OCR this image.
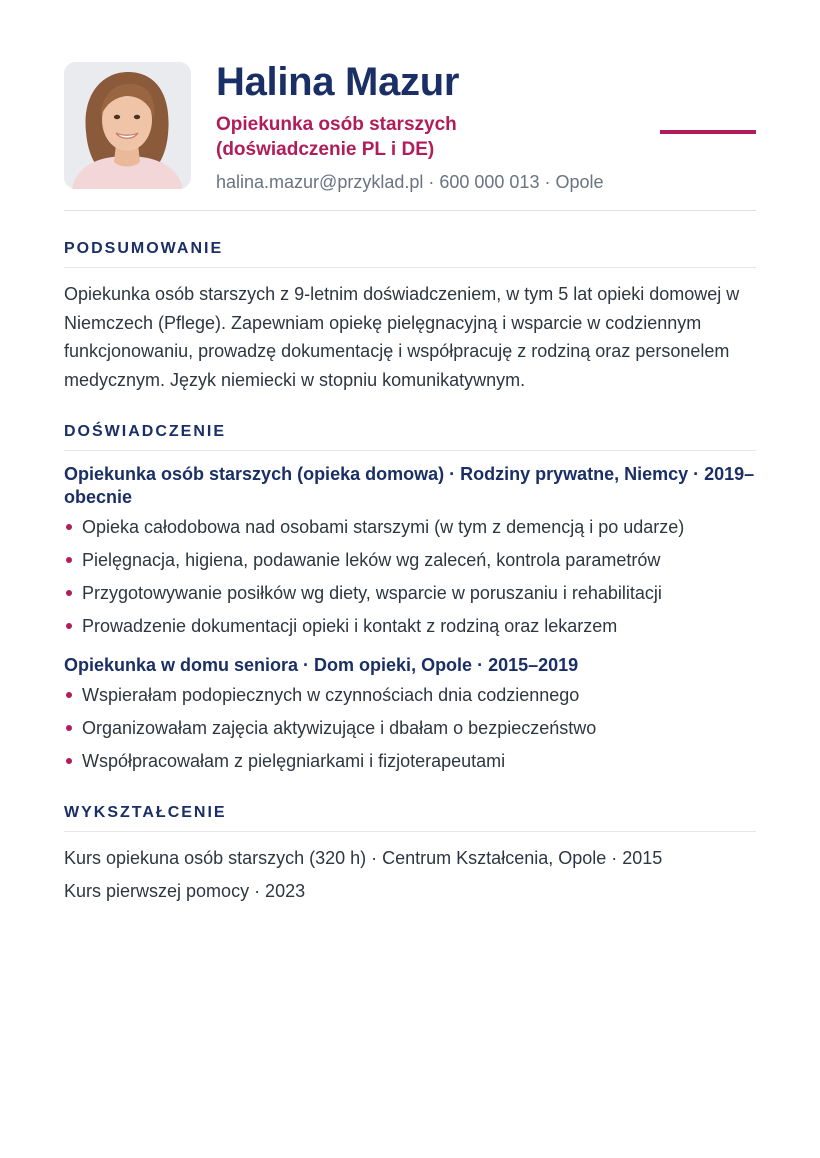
Halina Mazur
Opiekunka osób starszych
(doświadczenie PL i DE)
halina.mazur@przyklad.pl · 600 000 013 · Opole
PODSUMOWANIE
Opiekunka osób starszych z 9-letnim doświadczeniem, w tym 5 lat opieki domowej w Niemczech (Pflege). Zapewniam opiekę pielęgnacyjną i wsparcie w codziennym funkcjonowaniu, prowadzę dokumentację i współpracuję z rodziną oraz personelem medycznym. Język niemiecki w stopniu komunikatywnym.
DOŚWIADCZENIE
Opiekunka osób starszych (opieka domowa) · Rodziny prywatne, Niemcy · 2019–obecnie
Opieka całodobowa nad osobami starszymi (w tym z demencją i po udarze)
Pielęgnacja, higiena, podawanie leków wg zaleceń, kontrola parametrów
Przygotowywanie posiłków wg diety, wsparcie w poruszaniu i rehabilitacji
Prowadzenie dokumentacji opieki i kontakt z rodziną oraz lekarzem
Opiekunka w domu seniora · Dom opieki, Opole · 2015–2019
Wspierałam podopiecznych w czynnościach dnia codziennego
Organizowałam zajęcia aktywizujące i dbałam o bezpieczeństwo
Współpracowałam z pielęgniarkami i fizjoterapeutami
WYKSZTAŁCENIE
Kurs opiekuna osób starszych (320 h) · Centrum Kształcenia, Opole · 2015
Kurs pierwszej pomocy · 2023
